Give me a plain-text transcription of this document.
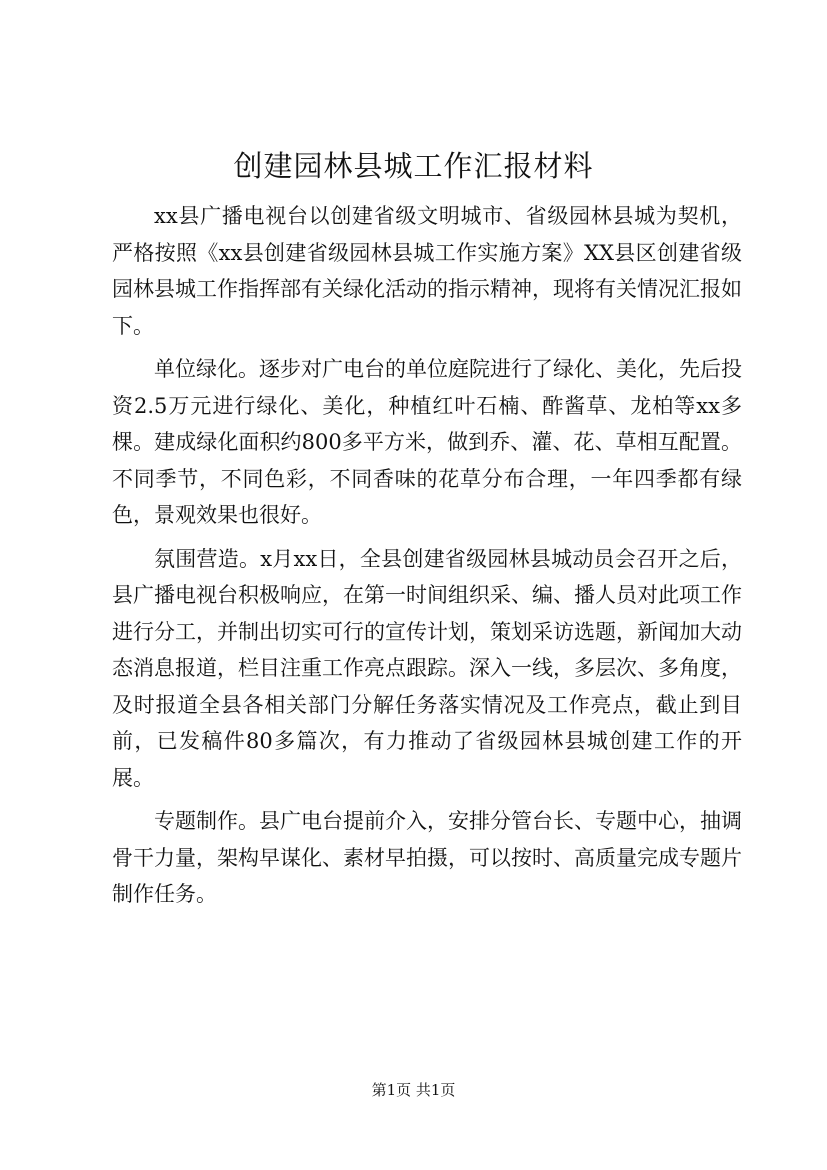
创建园林县城工作汇报材料

xx县广播电视台以创建省级文明城市、省级园林县城为契机，严格按照《xx县创建省级园林县城工作实施方案》XX县区创建省级园林县城工作指挥部有关绿化活动的指示精神，现将有关情况汇报如下。

单位绿化。逐步对广电台的单位庭院进行了绿化、美化，先后投资2.5万元进行绿化、美化，种植红叶石楠、酢酱草、龙柏等xx多棵。建成绿化面积约800多平方米，做到乔、灌、花、草相互配置。不同季节，不同色彩，不同香味的花草分布合理，一年四季都有绿色，景观效果也很好。

氛围营造。x月xx日，全县创建省级园林县城动员会召开之后，县广播电视台积极响应，在第一时间组织采、编、播人员对此项工作进行分工，并制出切实可行的宣传计划，策划采访选题，新闻加大动态消息报道，栏目注重工作亮点跟踪。深入一线，多层次、多角度，及时报道全县各相关部门分解任务落实情况及工作亮点，截止到目前，已发稿件80多篇次，有力推动了省级园林县城创建工作的开展。

专题制作。县广电台提前介入，安排分管台长、专题中心，抽调骨干力量，架构早谋化、素材早拍摄，可以按时、高质量完成专题片制作任务。

第1页 共1页
